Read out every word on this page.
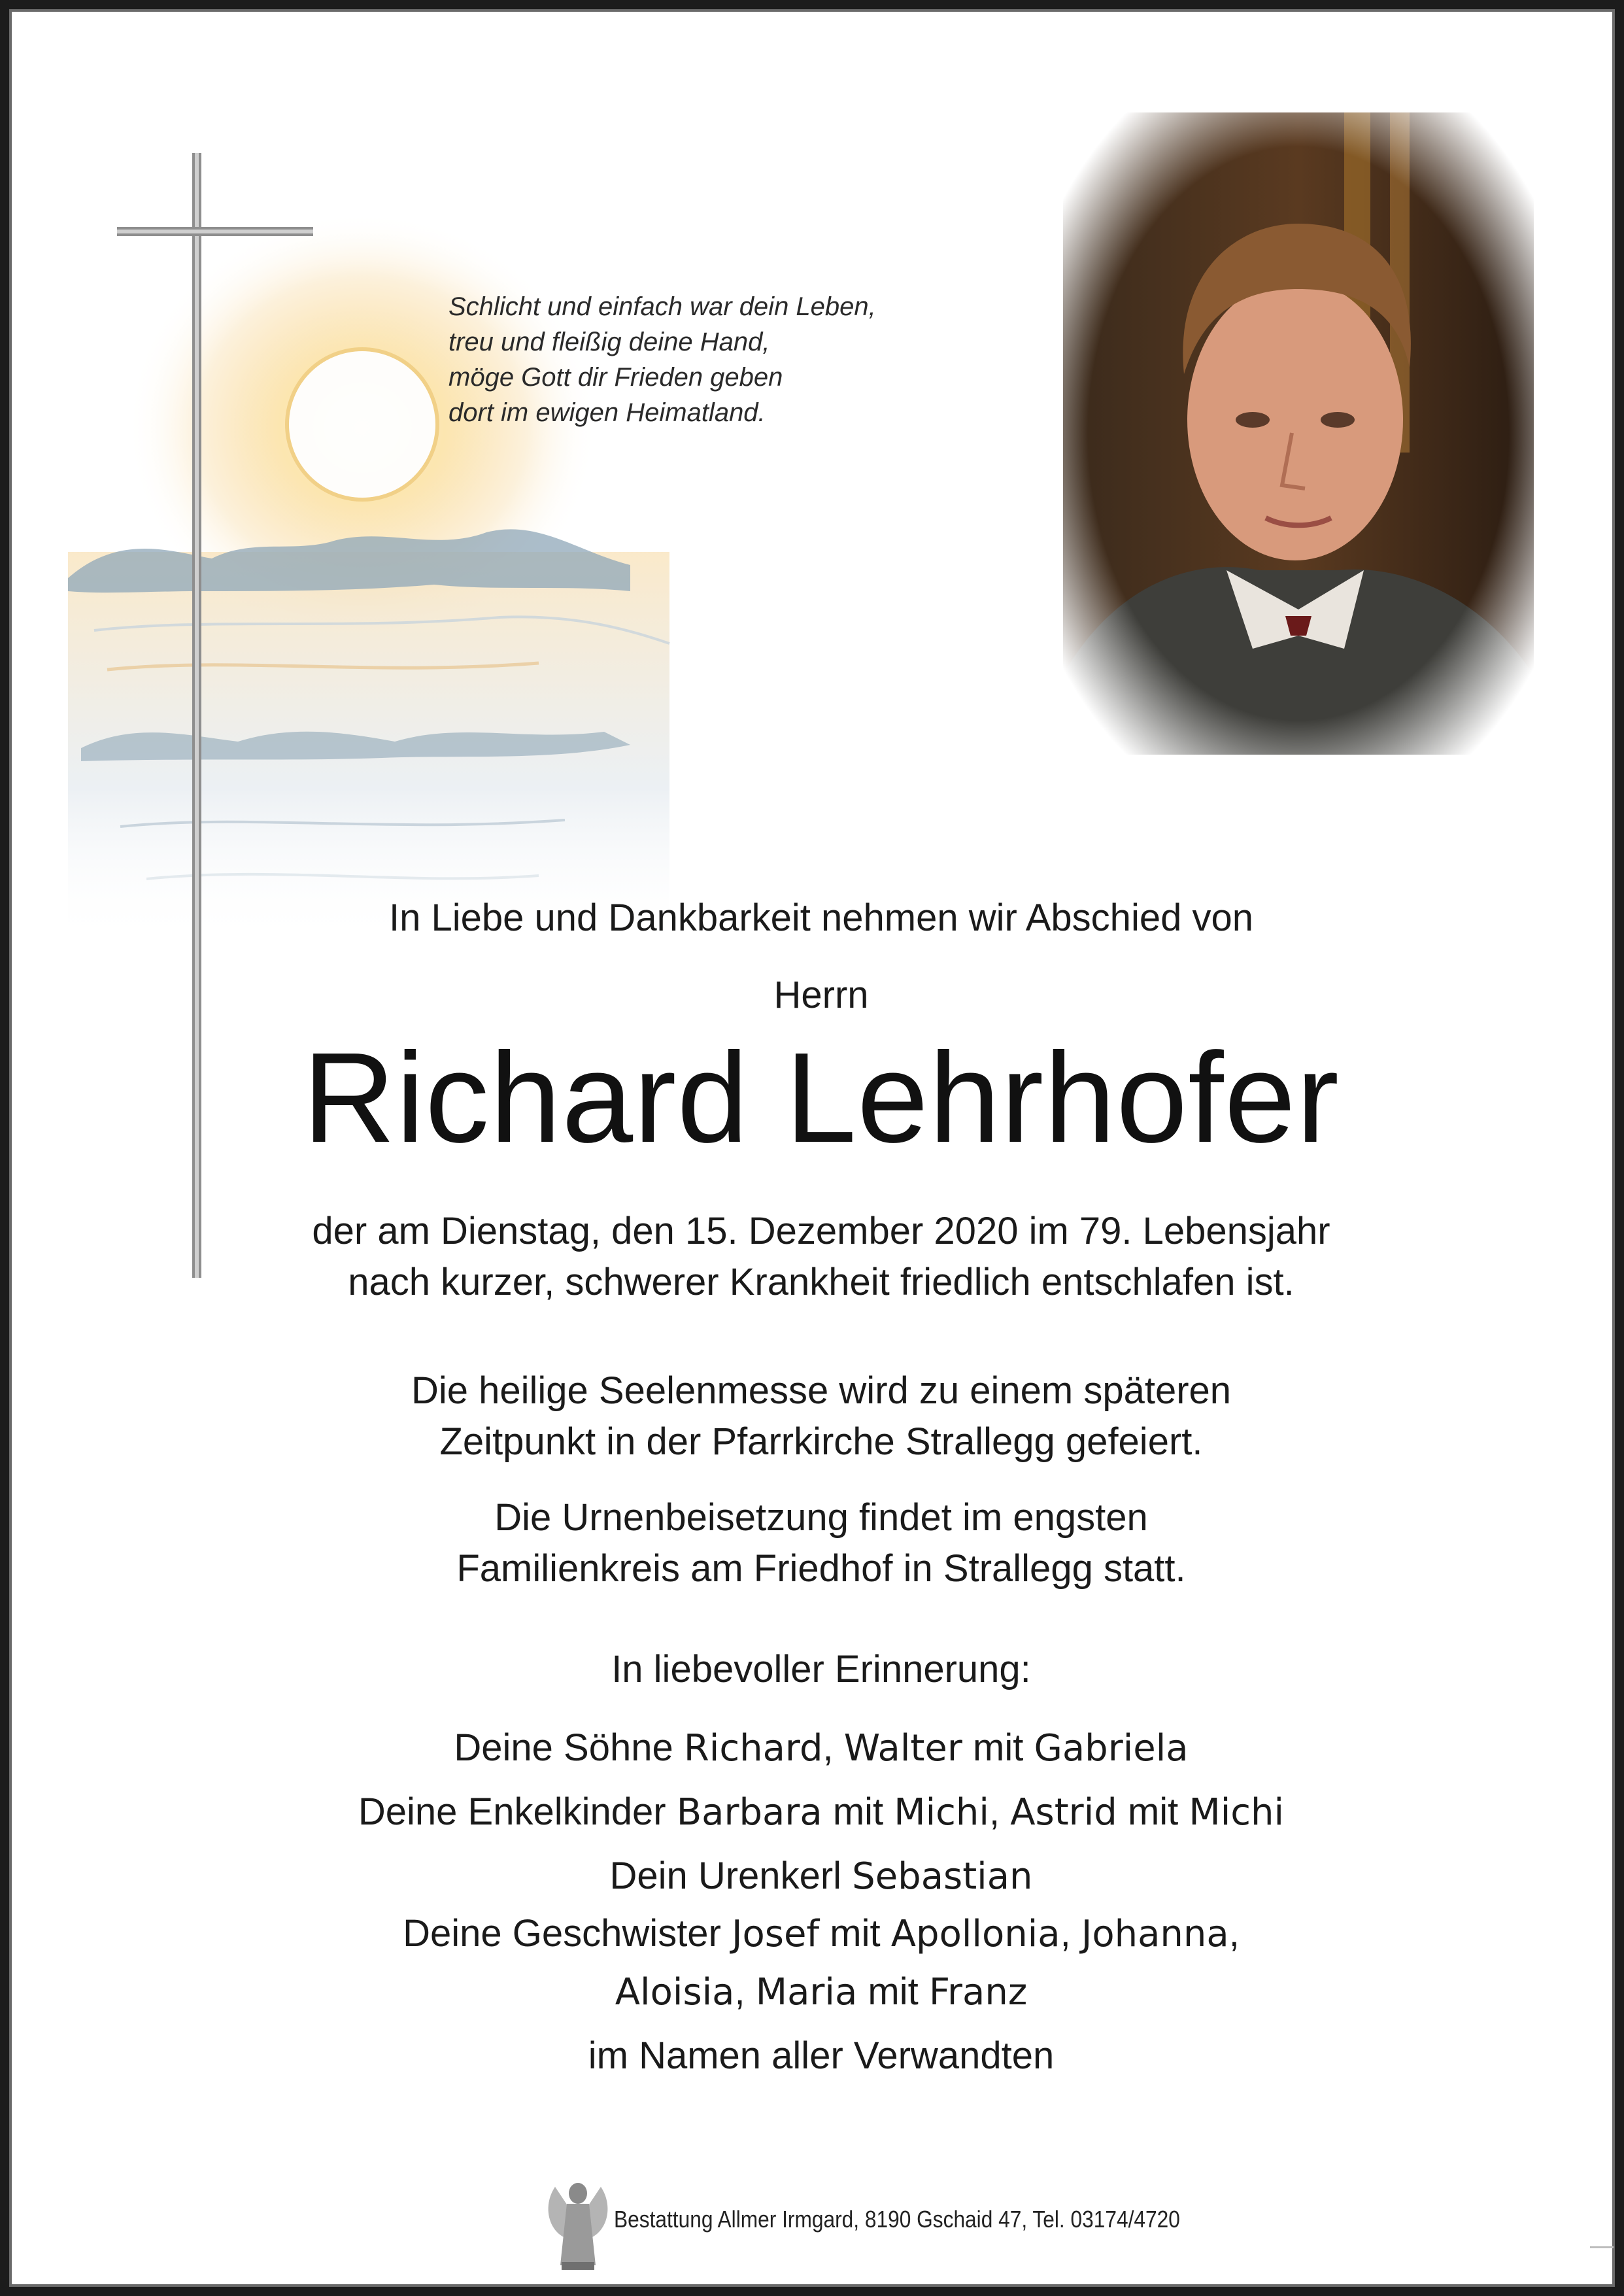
Schlicht und einfach war dein Leben,
treu und fleißig deine Hand,
möge Gott dir Frieden geben
dort im ewigen Heimatland.
In Liebe und Dankbarkeit nehmen wir Abschied von
Herrn
Richard Lehrhofer
der am Dienstag, den 15. Dezember 2020 im 79. Lebensjahr
nach kurzer, schwerer Krankheit friedlich entschlafen ist.
Die heilige Seelenmesse wird zu einem späteren
Zeitpunkt in der Pfarrkirche Strallegg gefeiert.
Die Urnenbeisetzung findet im engsten
Familienkreis am Friedhof in Strallegg statt.
In liebevoller Erinnerung:
Deine Söhne Richard, Walter mit Gabriela
Deine Enkelkinder Barbara mit Michi, Astrid mit Michi
Dein Urenkerl Sebastian
Deine Geschwister Josef mit Apollonia, Johanna,
Aloisia, Maria mit Franz
im Namen aller Verwandten
Bestattung Allmer Irmgard, 8190 Gschaid 47, Tel. 03174/4720
